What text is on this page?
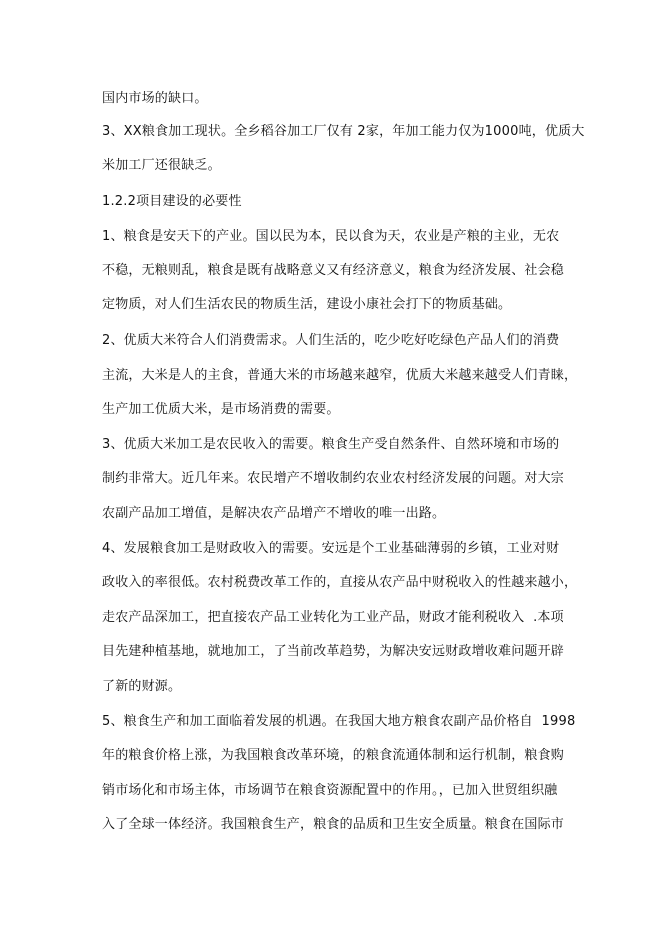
国内市场的缺口。
3、XX粮食加工现状。全乡稻谷加工厂仅有 2家，年加工能力仅为1000吨，优质大
米加工厂还很缺乏。
1.2.2项目建设的必要性
1、粮食是安天下的产业。国以民为本，民以食为天，农业是产粮的主业，无农
不稳，无粮则乱，粮食是既有战略意义又有经济意义，粮食为经济发展、社会稳
定物质，对人们生活农民的物质生活，建设小康社会打下的物质基础。
2、优质大米符合人们消费需求。人们生活的，吃少吃好吃绿色产品人们的消费
主流，大米是人的主食，普通大米的市场越来越窄，优质大米越来越受人们青睐，
生产加工优质大米，是市场消费的需要。
3、优质大米加工是农民收入的需要。粮食生产受自然条件、自然环境和市场的
制约非常大。近几年来。农民增产不增收制约农业农村经济发展的问题。对大宗
农副产品加工增值，是解决农产品增产不增收的唯一出路。
4、发展粮食加工是财政收入的需要。安远是个工业基础薄弱的乡镇，工业对财
政收入的率很低。农村税费改革工作的，直接从农产品中财税收入的性越来越小，
走农产品深加工，把直接农产品工业转化为工业产品，财政才能利税收入  .本项
目先建种植基地，就地加工，了当前改革趋势，为解决安远财政增收难问题开辟
了新的财源。
5、粮食生产和加工面临着发展的机遇。在我国大地方粮食农副产品价格自  1998
年的粮食价格上涨，为我国粮食改革环境，的粮食流通体制和运行机制，粮食购
销市场化和市场主体，市场调节在粮食资源配置中的作用。，已加入世贸组织融
入了全球一体经济。我国粮食生产，粮食的品质和卫生安全质量。粮食在国际市
